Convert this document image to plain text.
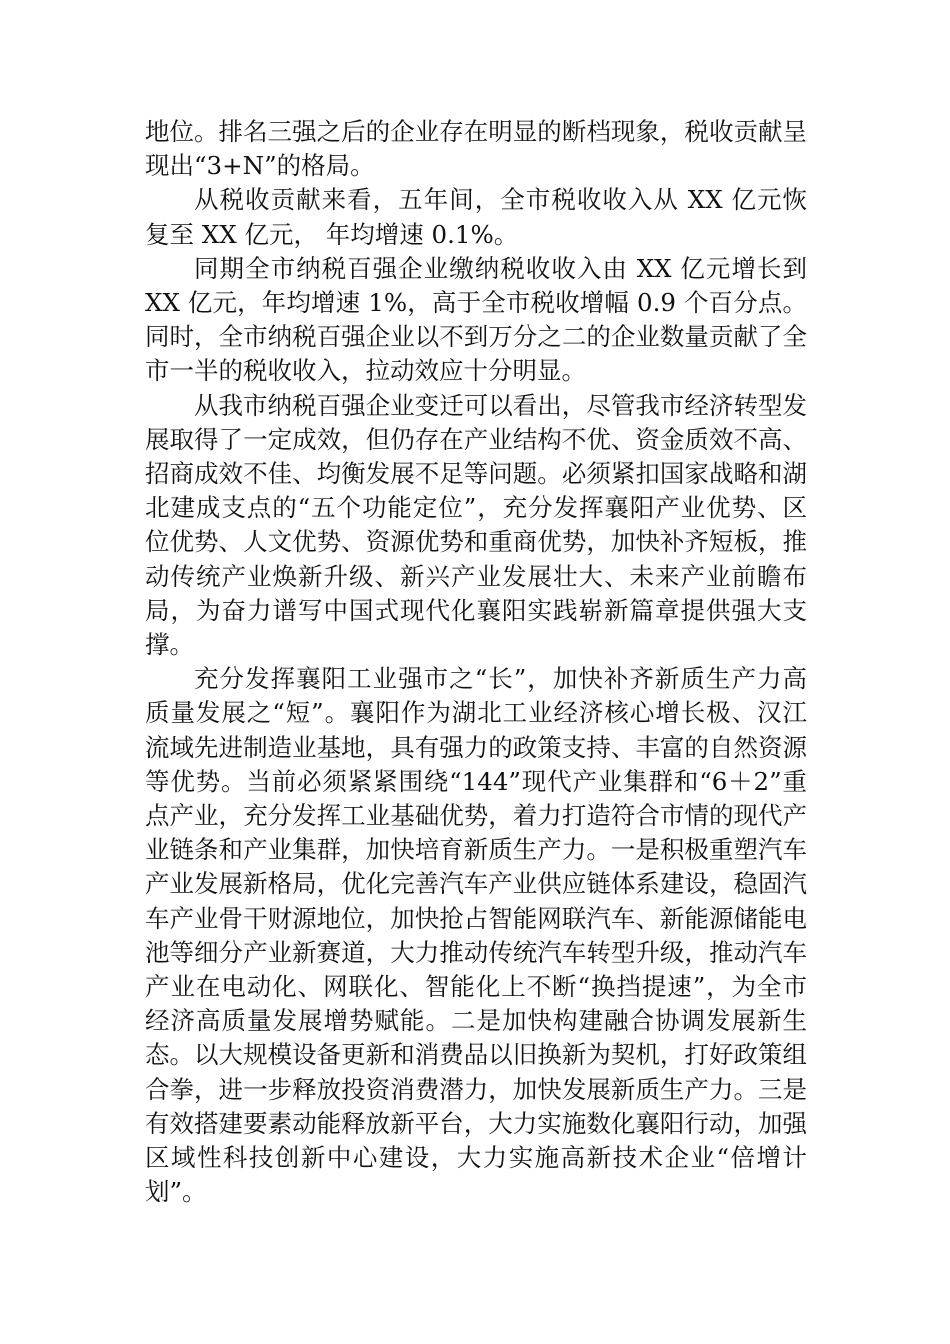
地位。排名三强之后的企业存在明显的断档现象，税收贡献呈现出“3+N”的格局。

从税收贡献来看，五年间，全市税收收入从 XX 亿元恢复至 XX 亿元， 年均增速 0.1%。

同期全市纳税百强企业缴纳税收收入由 XX 亿元增长到 XX 亿元，年均增速 1%，高于全市税收增幅 0.9 个百分点。同时，全市纳税百强企业以不到万分之二的企业数量贡献了全市一半的税收收入，拉动效应十分明显。

从我市纳税百强企业变迁可以看出，尽管我市经济转型发展取得了一定成效，但仍存在产业结构不优、资金质效不高、招商成效不佳、均衡发展不足等问题。必须紧扣国家战略和湖北建成支点的“五个功能定位”，充分发挥襄阳产业优势、区位优势、人文优势、资源优势和重商优势，加快补齐短板，推动传统产业焕新升级、新兴产业发展壮大、未来产业前瞻布局，为奋力谱写中国式现代化襄阳实践崭新篇章提供强大支撑。

充分发挥襄阳工业强市之“长”，加快补齐新质生产力高质量发展之“短”。襄阳作为湖北工业经济核心增长极、汉江流域先进制造业基地，具有强力的政策支持、丰富的自然资源等优势。当前必须紧紧围绕“144”现代产业集群和“6＋2”重点产业，充分发挥工业基础优势，着力打造符合市情的现代产业链条和产业集群，加快培育新质生产力。一是积极重塑汽车产业发展新格局，优化完善汽车产业供应链体系建设，稳固汽车产业骨干财源地位，加快抢占智能网联汽车、新能源储能电池等细分产业新赛道，大力推动传统汽车转型升级，推动汽车产业在电动化、网联化、智能化上不断“换挡提速”，为全市经济高质量发展增势赋能。二是加快构建融合协调发展新生态。以大规模设备更新和消费品以旧换新为契机，打好政策组合拳，进一步释放投资消费潜力，加快发展新质生产力。三是有效搭建要素动能释放新平台，大力实施数化襄阳行动，加强区域性科技创新中心建设，大力实施高新技术企业“倍增计划”。
